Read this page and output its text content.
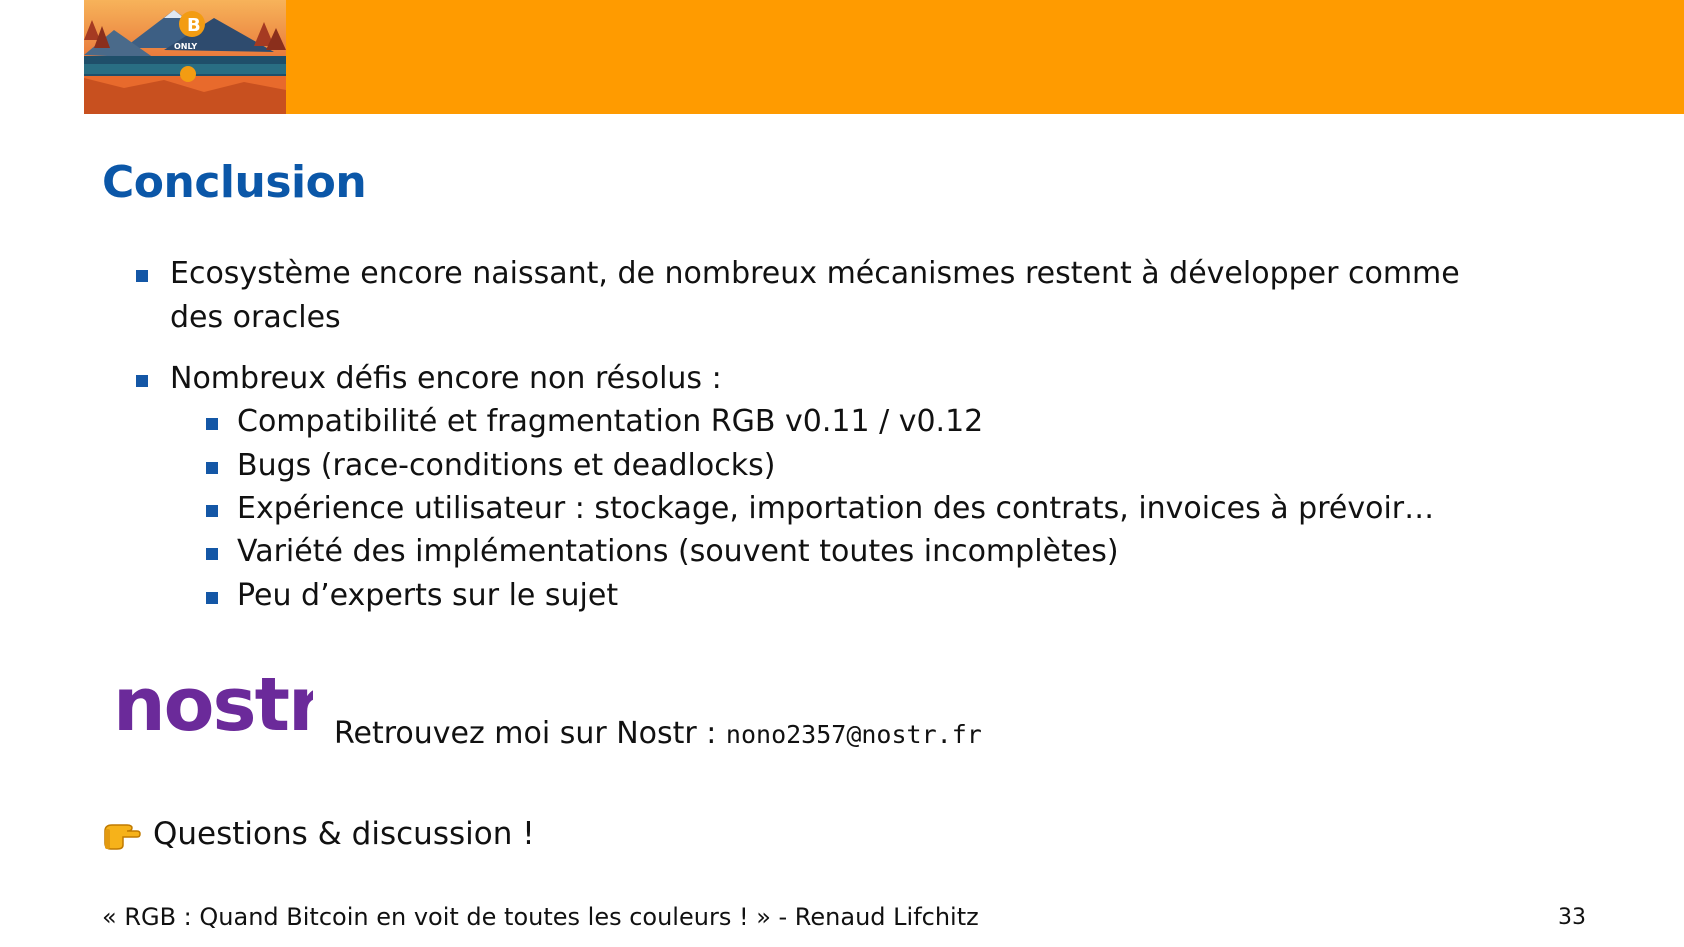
B
ONLY
Conclusion
Ecosystème encore naissant, de nombreux mécanismes restent à développer comme des oracles
Nombreux défis encore non résolus :
Compatibilité et fragmentation RGB v0.11 / v0.12
Bugs (race-conditions et deadlocks)
Expérience utilisateur : stockage, importation des contrats, invoices à prévoir…
Variété des implémentations (souvent toutes incomplètes)
Peu d’experts sur le sujet
nostr Retrouvez moi sur Nostr : nono2357@nostr.fr
Questions & discussion !
« RGB : Quand Bitcoin en voit de toutes les couleurs ! » - Renaud Lifchitz	33
